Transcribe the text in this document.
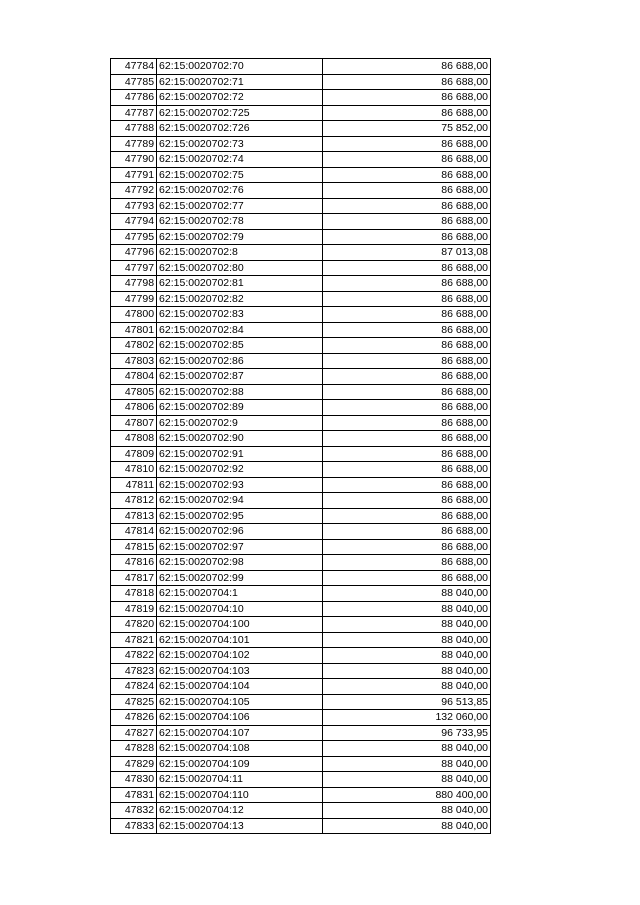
47784	62:15:0020702:70	86 688,00
47785	62:15:0020702:71	86 688,00
47786	62:15:0020702:72	86 688,00
47787	62:15:0020702:725	86 688,00
47788	62:15:0020702:726	75 852,00
47789	62:15:0020702:73	86 688,00
47790	62:15:0020702:74	86 688,00
47791	62:15:0020702:75	86 688,00
47792	62:15:0020702:76	86 688,00
47793	62:15:0020702:77	86 688,00
47794	62:15:0020702:78	86 688,00
47795	62:15:0020702:79	86 688,00
47796	62:15:0020702:8	87 013,08
47797	62:15:0020702:80	86 688,00
47798	62:15:0020702:81	86 688,00
47799	62:15:0020702:82	86 688,00
47800	62:15:0020702:83	86 688,00
47801	62:15:0020702:84	86 688,00
47802	62:15:0020702:85	86 688,00
47803	62:15:0020702:86	86 688,00
47804	62:15:0020702:87	86 688,00
47805	62:15:0020702:88	86 688,00
47806	62:15:0020702:89	86 688,00
47807	62:15:0020702:9	86 688,00
47808	62:15:0020702:90	86 688,00
47809	62:15:0020702:91	86 688,00
47810	62:15:0020702:92	86 688,00
47811	62:15:0020702:93	86 688,00
47812	62:15:0020702:94	86 688,00
47813	62:15:0020702:95	86 688,00
47814	62:15:0020702:96	86 688,00
47815	62:15:0020702:97	86 688,00
47816	62:15:0020702:98	86 688,00
47817	62:15:0020702:99	86 688,00
47818	62:15:0020704:1	88 040,00
47819	62:15:0020704:10	88 040,00
47820	62:15:0020704:100	88 040,00
47821	62:15:0020704:101	88 040,00
47822	62:15:0020704:102	88 040,00
47823	62:15:0020704:103	88 040,00
47824	62:15:0020704:104	88 040,00
47825	62:15:0020704:105	96 513,85
47826	62:15:0020704:106	132 060,00
47827	62:15:0020704:107	96 733,95
47828	62:15:0020704:108	88 040,00
47829	62:15:0020704:109	88 040,00
47830	62:15:0020704:11	88 040,00
47831	62:15:0020704:110	880 400,00
47832	62:15:0020704:12	88 040,00
47833	62:15:0020704:13	88 040,00
